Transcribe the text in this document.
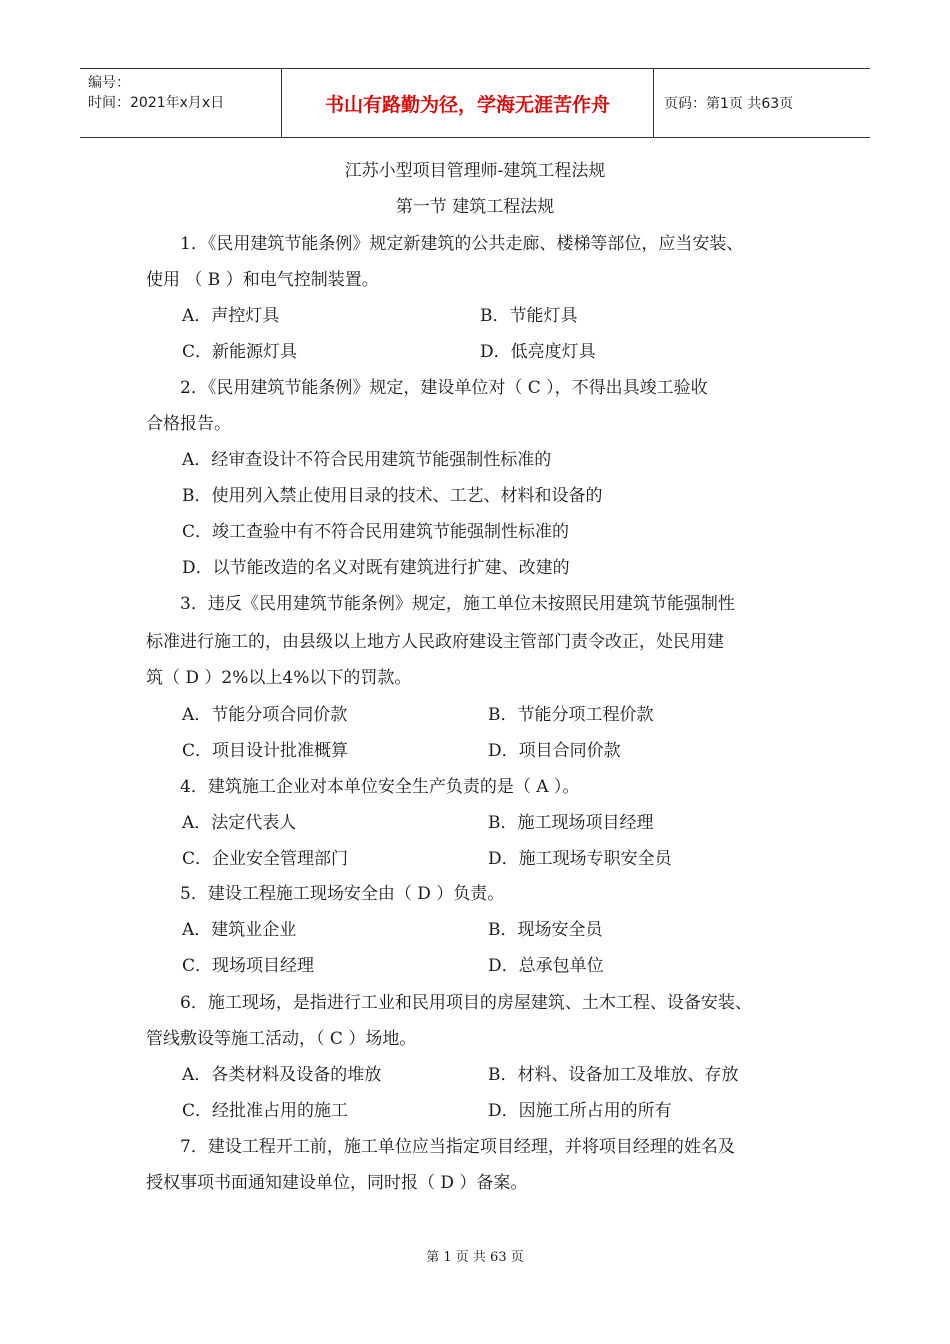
编号：
时间：2021年x月x日	书山有路勤为径，学海无涯苦作舟	页码：第1页 共63页
江苏小型项目管理师-建筑工程法规
第一节 建筑工程法规
1．《民用建筑节能条例》规定新建筑的公共走廊、楼梯等部位，应当安装、
使用 （ B ）和电气控制装置。
A．声控灯具	B．节能灯具
C．新能源灯具	D．低亮度灯具
2．《民用建筑节能条例》规定，建设单位对（ C ），不得出具竣工验收
合格报告。
A．经审查设计不符合民用建筑节能强制性标准的
B．使用列入禁止使用目录的技术、工艺、材料和设备的
C．竣工查验中有不符合民用建筑节能强制性标准的
D．以节能改造的名义对既有建筑进行扩建、改建的
3．违反《民用建筑节能条例》规定，施工单位未按照民用建筑节能强制性
标准进行施工的，由县级以上地方人民政府建设主管部门责令改正，处民用建
筑（ D ）2%以上4%以下的罚款。
A．节能分项合同价款	B．节能分项工程价款
C．项目设计批准概算	D．项目合同价款
4．建筑施工企业对本单位安全生产负责的是（ A ）。
A．法定代表人	B．施工现场项目经理
C．企业安全管理部门	D．施工现场专职安全员
5．建设工程施工现场安全由（ D ）负责。
A．建筑业企业	B．现场安全员
C．现场项目经理	D．总承包单位
6．施工现场，是指进行工业和民用项目的房屋建筑、土木工程、设备安装、
管线敷设等施工活动，（ C ）场地。
A．各类材料及设备的堆放	B．材料、设备加工及堆放、存放
C．经批准占用的施工	D．因施工所占用的所有
7．建设工程开工前，施工单位应当指定项目经理，并将项目经理的姓名及
授权事项书面通知建设单位，同时报（ D ）备案。
第 1 页 共 63 页
